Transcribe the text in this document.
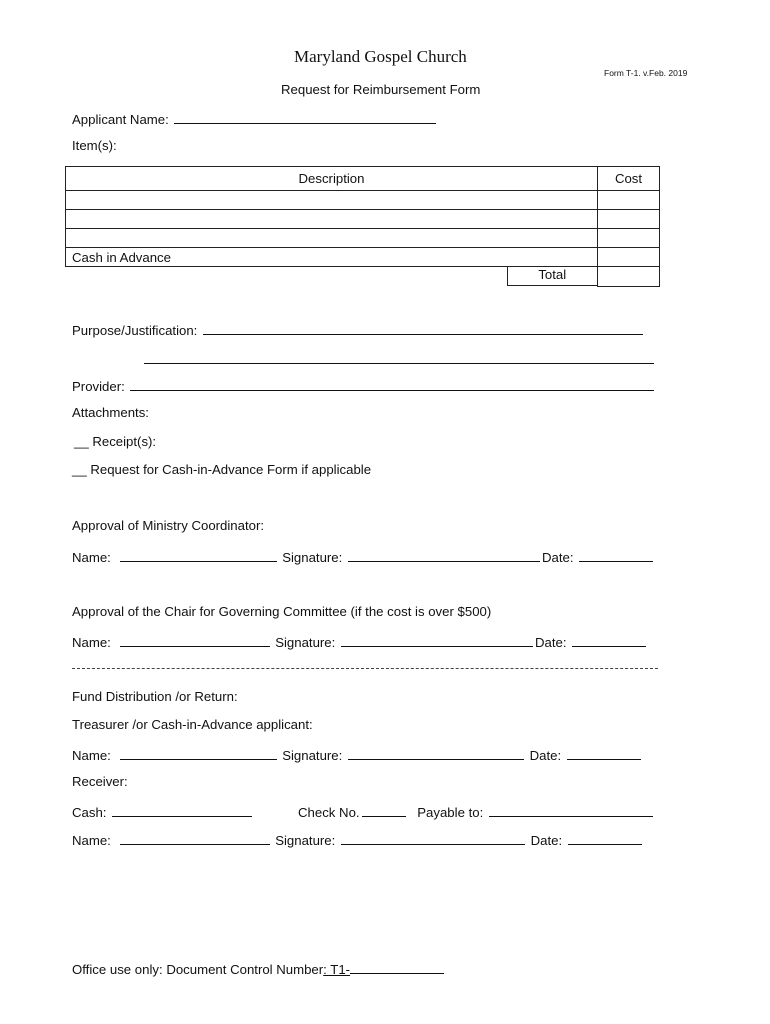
Maryland Gospel Church
Form T-1. v.Feb. 2019
Request for Reimbursement Form
Applicant Name:
Item(s):
Description	Cost

Cash in Advance	

Total	

Purpose/Justification:
Provider:
Attachments:
__ Receipt(s):
__ Request for Cash-in-Advance Form if applicable
Approval of Ministry Coordinator:
Name:	Signature:	Date:
Approval of the Chair for Governing Committee (if the cost is over $500)
Name:	Signature:	Date:
Fund Distribution /or Return:
Treasurer /or Cash-in-Advance applicant:
Name:	Signature:	Date:
Receiver:
Cash:	Check No.	Payable to:
Name:	Signature:	Date:
Office use only: Document Control Number: T1-
